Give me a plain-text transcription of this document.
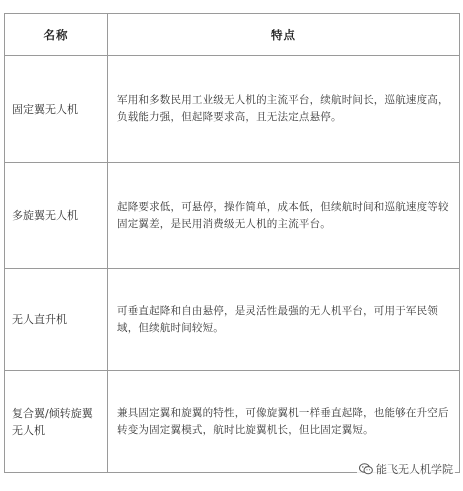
名称	特点
固定翼无人机	军用和多数民用工业级无人机的主流平台，续航时间长，巡航速度高，负载能力强，但起降要求高，且无法定点悬停。

多旋翼无人机	起降要求低，可悬停，操作简单，成本低，但续航时间和巡航速度等较固定翼差，是民用消费级无人机的主流平台。

无人直升机	可垂直起降和自由悬停，是灵活性最强的无人机平台，可用于军民领域，但续航时间较短。

复合翼/倾转旋翼无人机	兼具固定翼和旋翼的特性，可像旋翼机一样垂直起降，也能够在升空后转变为固定翼模式，航时比旋翼机长，但比固定翼短。
能飞无人机学院
